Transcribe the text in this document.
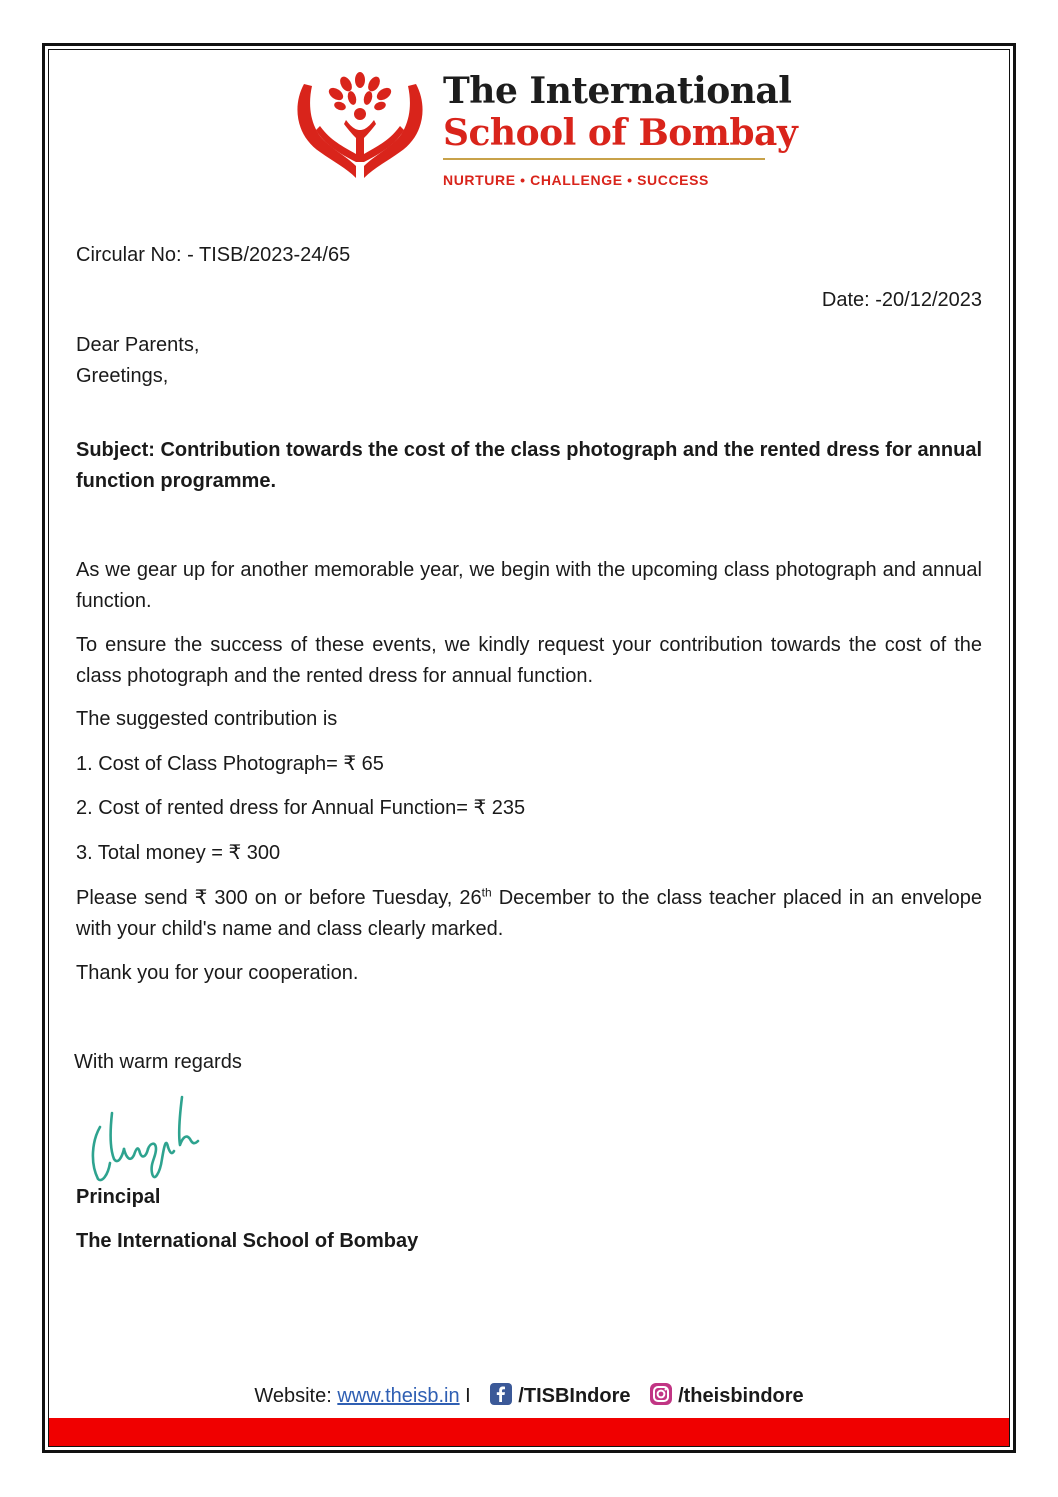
The International
School of Bombay
NURTURE • CHALLENGE • SUCCESS
Circular No: - TISB/2023-24/65
Date: -20/12/2023
Dear Parents,
Greetings,
Subject: Contribution towards the cost of the class photograph and the rented dress for annual function programme.
As we gear up for another memorable year, we begin with the upcoming class photograph and annual function.
To ensure the success of these events, we kindly request your contribution towards the cost of the class photograph and the rented dress for annual function.
The suggested contribution is
1. Cost of Class Photograph= ₹ 65
2. Cost of rented dress for Annual Function= ₹ 235
3. Total money = ₹ 300
Please send ₹ 300 on or before Tuesday, 26th December to the class teacher placed in an envelope with your child's name and class clearly marked.
Thank you for your cooperation.
With warm regards
Principal
The International School of Bombay
Website: www.theisb.in I /TISBIndore /theisbindore
